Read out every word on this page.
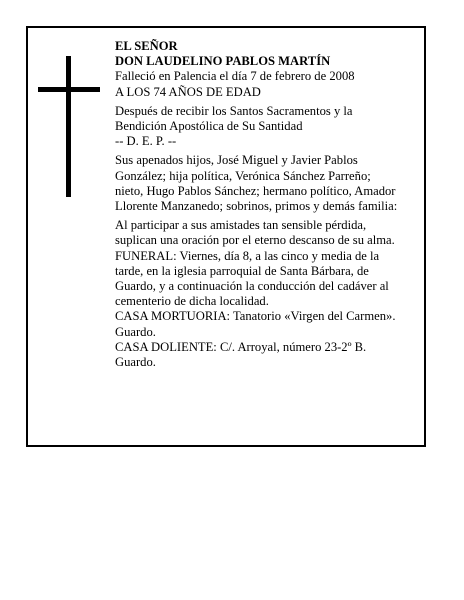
EL SEÑOR

DON LAUDELINO PABLOS MARTÍN

Falleció en Palencia el día 7 de febrero de 2008

A LOS 74 AÑOS DE EDAD

Después de recibir los Santos Sacramentos y la

Bendición Apostólica de Su Santidad

-- D. E. P. --

Sus apenados hijos, José Miguel y Javier Pablos

González; hija política, Verónica Sánchez Parreño;

nieto, Hugo Pablos Sánchez; hermano político, Amador

Llorente Manzanedo; sobrinos, primos y demás familia:

Al participar a sus amistades tan sensible pérdida,

suplican una oración por el eterno descanso de su alma.

FUNERAL: Viernes, día 8, a las cinco y media de la

tarde, en la iglesia parroquial de Santa Bárbara, de

Guardo, y a continuación la conducción del cadáver al

cementerio de dicha localidad.

CASA MORTUORIA: Tanatorio «Virgen del Carmen».

Guardo.

CASA DOLIENTE: C/. Arroyal, número 23-2º B.

Guardo.
